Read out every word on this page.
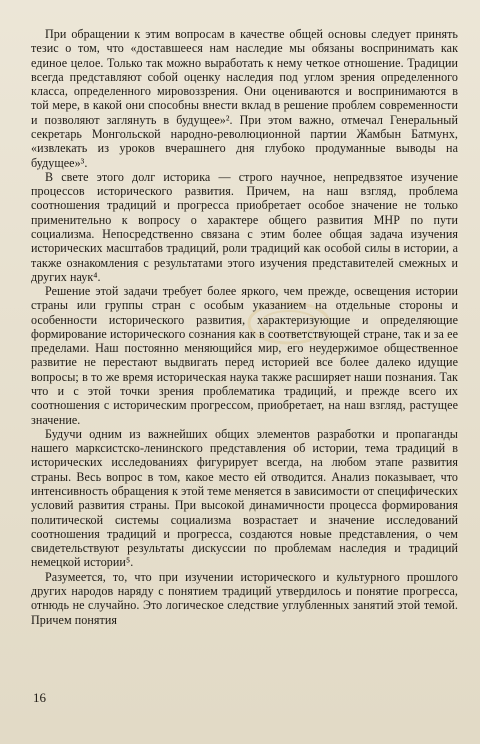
При обращении к этим вопросам в качестве общей основы следует принять тезис о том, что «доставшееся нам наследие мы обязаны воспринимать как единое целое. Только так можно выработать к нему четкое отношение. Традиции всегда представляют собой оценку наследия под углом зрения определенного класса, определенного мировоззрения. Они оцениваются и воспринимаются в той мере, в какой они способны внести вклад в решение проблем современности и позволяют заглянуть в будущее»². При этом важно, отмечал Генеральный секретарь Монгольской народно-революционной партии Жамбын Батмунх, «извлекать из уроков вчерашнего дня глубоко продуманные выводы на будущее»³.

В свете этого долг историка — строго научное, непредвзятое изучение процессов исторического развития. Причем, на наш взгляд, проблема соотношения традиций и прогресса приобретает особое значение не только применительно к вопросу о характере общего развития МНР по пути социализма. Непосредственно связана с этим более общая задача изучения исторических масштабов традиций, роли традиций как особой силы в истории, а также ознакомления с результатами этого изучения представителей смежных и других наук⁴.

Решение этой задачи требует более яркого, чем прежде, освещения истории страны или группы стран с особым указанием на отдельные стороны и особенности исторического развития, характеризующие и определяющие формирование исторического сознания как в соответствующей стране, так и за ее пределами. Наш постоянно меняющийся мир, его неудержимое общественное развитие не перестают выдвигать перед историей все более далеко идущие вопросы; в то же время историческая наука также расширяет наши познания. Так что и с этой точки зрения проблематика традиций, и прежде всего их соотношения с историческим прогрессом, приобретает, на наш взгляд, растущее значение.

Будучи одним из важнейших общих элементов разработки и пропаганды нашего марксистско-ленинского представления об истории, тема традиций в исторических исследованиях фигурирует всегда, на любом этапе развития страны. Весь вопрос в том, какое место ей отводится. Анализ показывает, что интенсивность обращения к этой теме меняется в зависимости от специфических условий развития страны. При высокой динамичности процесса формирования политической системы социализма возрастает и значение исследований соотношения традиций и прогресса, создаются новые представления, о чем свидетельствуют результаты дискуссии по проблемам наследия и традиций немецкой истории⁵.

Разумеется, то, что при изучении исторического и культурного прошлого других народов наряду с понятием традиций утвердилось и понятие прогресса, отнюдь не случайно. Это логическое следствие углубленных занятий этой темой. Причем понятия

16
